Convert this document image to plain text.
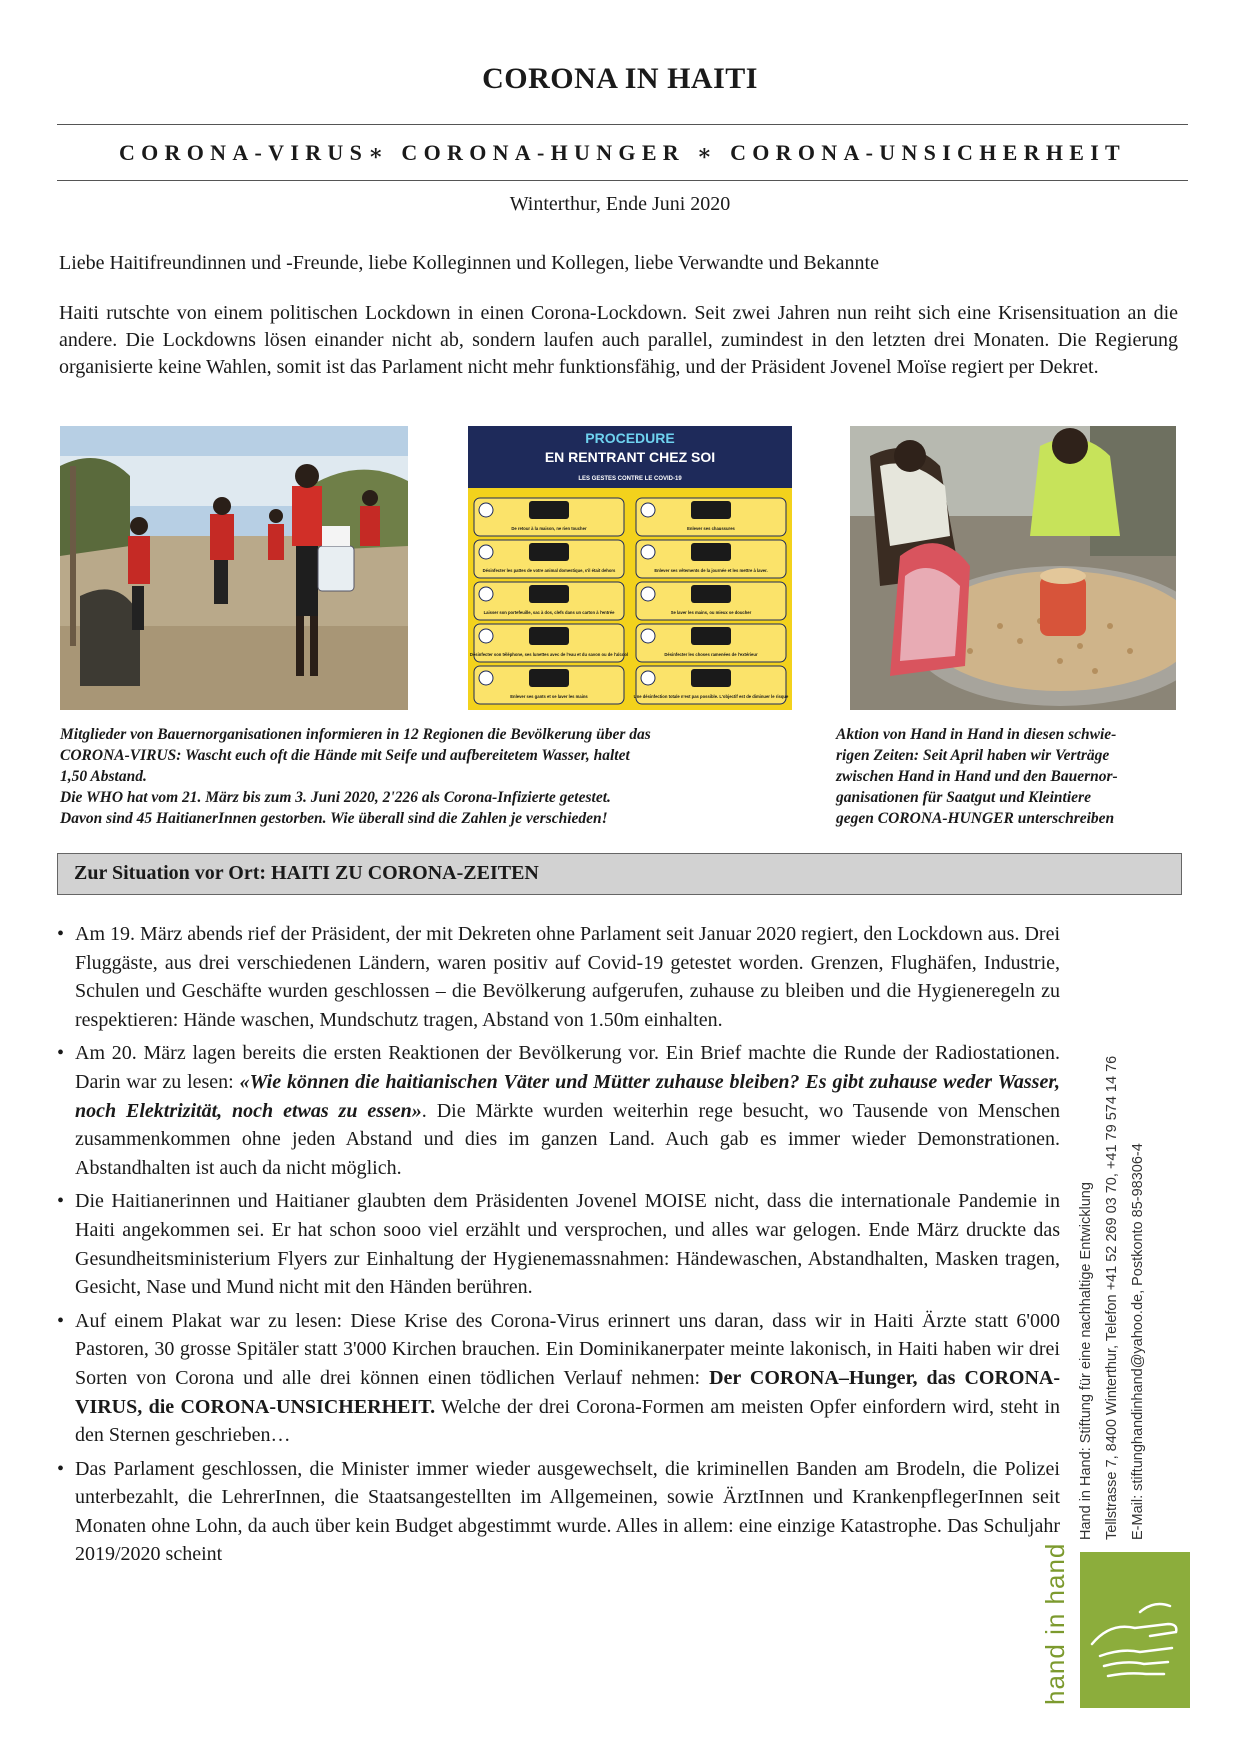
CORONA IN HAITI
CORONA-VIRUS∗ CORONA-HUNGER ∗ CORONA-UNSICHERHEIT
Winterthur, Ende Juni 2020
Liebe Haitifreundinnen und -Freunde, liebe Kolleginnen und Kollegen, liebe Verwandte und Bekannte
Haiti rutschte von einem politischen Lockdown in einen Corona-Lockdown. Seit zwei Jahren nun reiht sich eine Krisensituation an die andere. Die Lockdowns lösen einander nicht ab, sondern laufen auch parallel, zumindest in den letzten drei Monaten. Die Regierung organisierte keine Wahlen, somit ist das Parlament nicht mehr funktionsfähig, und der Präsident Jovenel Moïse regiert per Dekret.
PROCEDURE
EN RENTRANT CHEZ SOI
LES GESTES CONTRE LE COVID-19
De retour à la maison, ne rien toucher
Désinfecter les pattes de votre animal domestique, s'il était dehors
Laisser son portefeuille, sac à dos, clefs dans un carton à l'entrée
Désinfecter son téléphone, ses lunettes avec de l'eau et du savon ou de l'alcool
Enlever ses gants et se laver les mains
Enlever ses chaussures
Enlever ses vêtements de la journée et les mettre à laver.
Se laver les mains, ou mieux se doucher
Désinfecter les choses ramenées de l'extérieur
Une désinfection totale n'est pas possible. L'objectif est de diminuer le risque
Mitglieder von Bauernorganisationen informieren in 12 Regionen die Bevölkerung über das
CORONA-VIRUS: Wascht euch oft die Hände mit Seife und aufbereitetem Wasser, haltet
1,50 Abstand.
Die WHO hat vom 21. März bis zum 3. Juni 2020, 2'226 als Corona-Infizierte getestet.
Davon sind 45 HaitianerInnen gestorben. Wie überall sind die Zahlen je verschieden!
Aktion von Hand in Hand in diesen schwie-
rigen Zeiten: Seit April haben wir Verträge
zwischen Hand in Hand und den Bauernor-
ganisationen für Saatgut und Kleintiere
gegen CORONA-HUNGER unterschreiben
Zur Situation vor Ort: HAITI ZU CORONA-ZEITEN
• Am 19. März abends rief der Präsident, der mit Dekreten ohne Parlament seit Januar 2020 regiert, den Lockdown aus. Drei Fluggäste, aus drei verschiedenen Ländern, waren positiv auf Covid-19 getestet worden. Grenzen, Flughäfen, Industrie, Schulen und Geschäfte wurden geschlossen – die Bevölkerung aufgerufen, zuhause zu bleiben und die Hygieneregeln zu respektieren: Hände waschen, Mundschutz tragen, Abstand von 1.50m einhalten.
• Am 20. März lagen bereits die ersten Reaktionen der Bevölkerung vor. Ein Brief machte die Runde der Radiostationen. Darin war zu lesen: «Wie können die haitianischen Väter und Mütter zuhause bleiben? Es gibt zuhause weder Wasser, noch Elektrizität, noch etwas zu essen». Die Märkte wurden weiterhin rege besucht, wo Tausende von Menschen zusammenkommen ohne jeden Abstand und dies im ganzen Land. Auch gab es immer wieder Demonstrationen. Abstandhalten ist auch da nicht möglich.
• Die Haitianerinnen und Haitianer glaubten dem Präsidenten Jovenel MOISE nicht, dass die internationale Pandemie in Haiti angekommen sei. Er hat schon sooo viel erzählt und versprochen, und alles war gelogen. Ende März druckte das Gesundheitsministerium Flyers zur Einhaltung der Hygienemassnahmen: Händewaschen, Abstandhalten, Masken tragen, Gesicht, Nase und Mund nicht mit den Händen berühren.
• Auf einem Plakat war zu lesen: Diese Krise des Corona-Virus erinnert uns daran, dass wir in Haiti Ärzte statt 6'000 Pastoren, 30 grosse Spitäler statt 3'000 Kirchen brauchen. Ein Dominikanerpater meinte lakonisch, in Haiti haben wir drei Sorten von Corona und alle drei können einen tödlichen Verlauf nehmen: Der CORONA–Hunger, das CORONA-VIRUS, die CORONA-UNSICHERHEIT. Welche der drei Corona-Formen am meisten Opfer einfordern wird, steht in den Sternen geschrieben…
• Das Parlament geschlossen, die Minister immer wieder ausgewechselt, die kriminellen Banden am Brodeln, die Polizei unterbezahlt, die LehrerInnen, die Staatsangestellten im Allgemeinen, sowie ÄrztInnen und KrankenpflegerInnen seit Monaten ohne Lohn, da auch über kein Budget abgestimmt wurde. Alles in allem: eine einzige Katastrophe. Das Schuljahr 2019/2020 scheint
Hand in Hand: Stiftung für eine nachhaltige Entwicklung Tellstrasse 7, 8400 Winterthur, Telefon +41 52 269 03 70, +41 79 574 14 76 E-Mail: stiftunghandinhand@yahoo.de, Postkonto 85-98306-4
hand in hand
